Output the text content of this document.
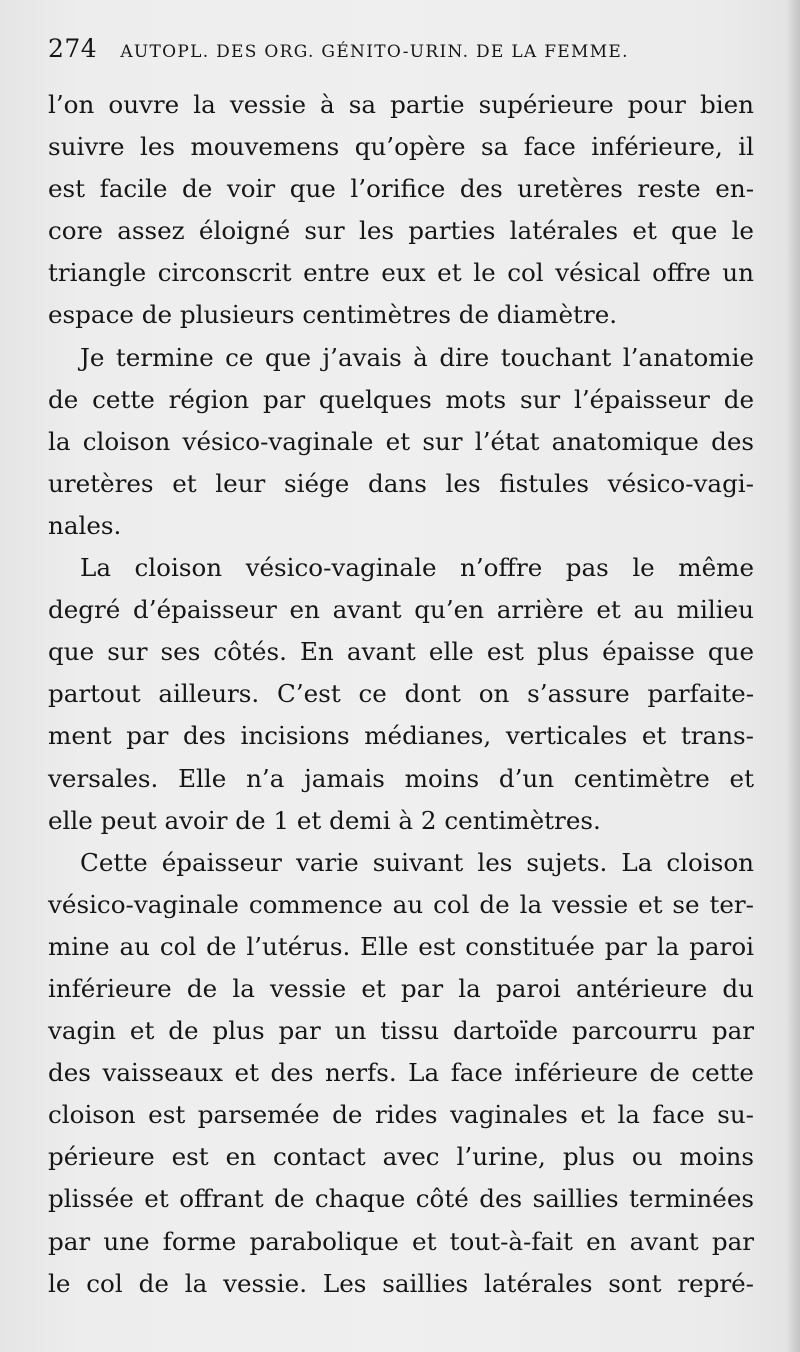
274 AUTOPL. DES ORG. GÉNITO-URIN. DE LA FEMME.
l’on ouvre la vessie à sa partie supérieure pour bien
suivre les mouvemens qu’opère sa face inférieure, il
est facile de voir que l’orifice des uretères reste en-
core assez éloigné sur les parties latérales et que le
triangle circonscrit entre eux et le col vésical offre un
espace de plusieurs centimètres de diamètre.
Je termine ce que j’avais à dire touchant l’anatomie
de cette région par quelques mots sur l’épaisseur de
la cloison vésico-vaginale et sur l’état anatomique des
uretères et leur siége dans les fistules vésico-vagi-
nales.
La cloison vésico-vaginale n’offre pas le même
degré d’épaisseur en avant qu’en arrière et au milieu
que sur ses côtés. En avant elle est plus épaisse que
partout ailleurs. C’est ce dont on s’assure parfaite-
ment par des incisions médianes, verticales et trans-
versales. Elle n’a jamais moins d’un centimètre et
elle peut avoir de 1 et demi à 2 centimètres.
Cette épaisseur varie suivant les sujets. La cloison
vésico-vaginale commence au col de la vessie et se ter-
mine au col de l’utérus. Elle est constituée par la paroi
inférieure de la vessie et par la paroi antérieure du
vagin et de plus par un tissu dartoïde parcourru par
des vaisseaux et des nerfs. La face inférieure de cette
cloison est parsemée de rides vaginales et la face su-
périeure est en contact avec l’urine, plus ou moins
plissée et offrant de chaque côté des saillies terminées
par une forme parabolique et tout-à-fait en avant par
le col de la vessie. Les saillies latérales sont repré-
